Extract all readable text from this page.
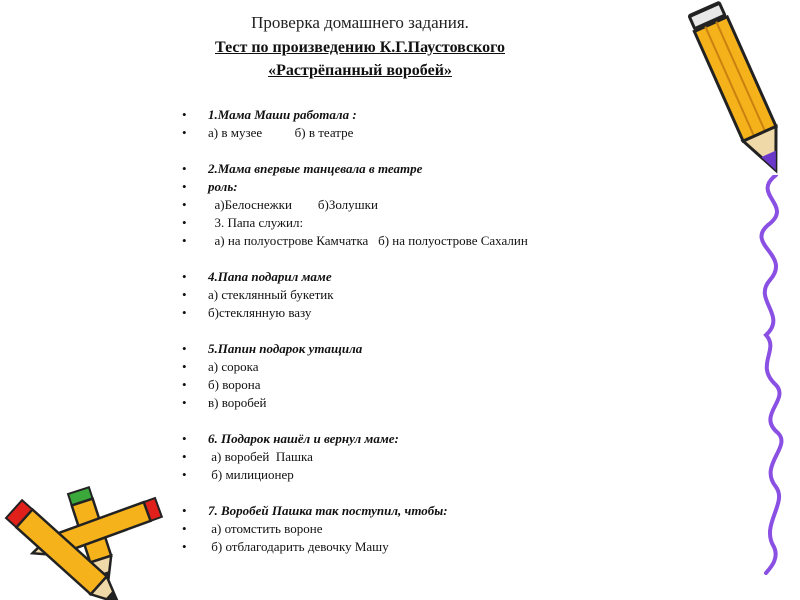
Проверка домашнего задания.
Тест по произведению К.Г.Паустовского
«Растрёпанный воробей»
• 1.Мама Маши работала :
• а) в музее          б) в театре
• 2.Мама впервые танцевала в театре
• роль:
•   а)Белоснежки        б)Золушки
•   3. Папа служил:
•   а) на полуострове Камчатка   б) на полуострове Сахалин
• 4.Папа подарил маме
• а) стеклянный букетик
• б)стеклянную вазу
• 5.Папин подарок утащила
• а) сорока
• б) ворона
• в) воробей
• 6. Подарок нашёл и вернул маме:
•  а) воробей  Пашка
•  б) милиционер
• 7. Воробей Пашка так поступил, чтобы:
•  а) отомстить вороне
•  б) отблагодарить девочку Машу
